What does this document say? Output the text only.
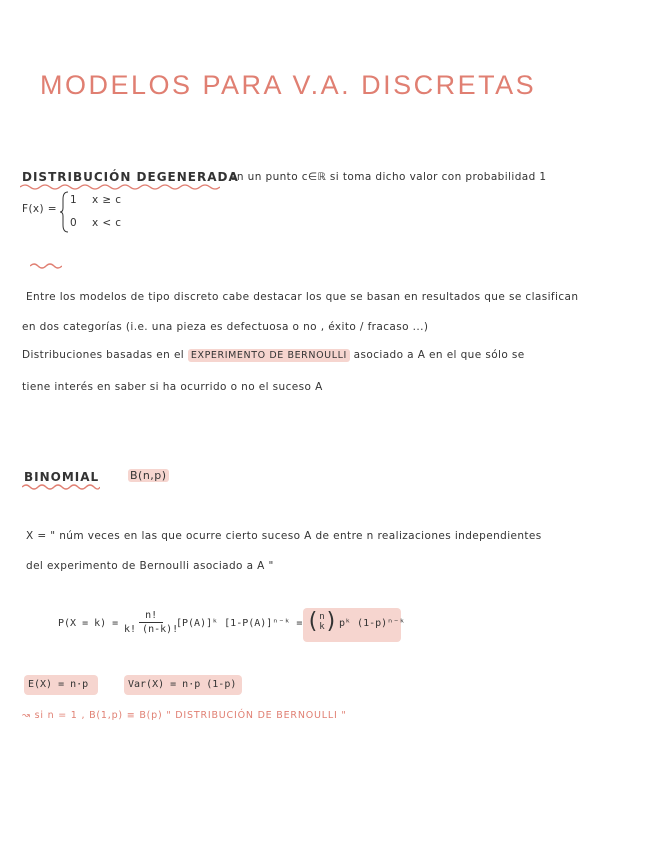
MODELOS PARA V.A. DISCRETAS
DISTRIBUCIÓN DEGENERADA
en un punto c∈ℝ si toma dicho valor con probabilidad 1
F(x) =
1 x ≥ c
0 x < c
Entre los modelos de tipo discreto cabe destacar los que se basan en resultados que se clasifican
en dos categorías (i.e. una pieza es defectuosa o no , éxito / fracaso ...)
Distribuciones basadas en el EXPERIMENTO DE BERNOULLI asociado a A en el que sólo se
tiene interés en saber si ha ocurrido o no el suceso A
BINOMIAL	B(n,p)
X = " núm veces en las que ocurre cierto suceso A de entre n realizaciones independientes
del experimento de Bernoulli asociado a A "
$P(X = k) = \frac{n!}{k! (n-k)!}$
[P(A)]ᵏ [1-P(A)]ⁿ⁻ᵏ = ( n
k ) pᵏ (1-p)ⁿ⁻ᵏ
E(X) = n·p	Var(X) = n·p (1-p)
↝ si n = 1 , B(1,p) ≡ B(p) " DISTRIBUCIÓN DE BERNOULLI "
